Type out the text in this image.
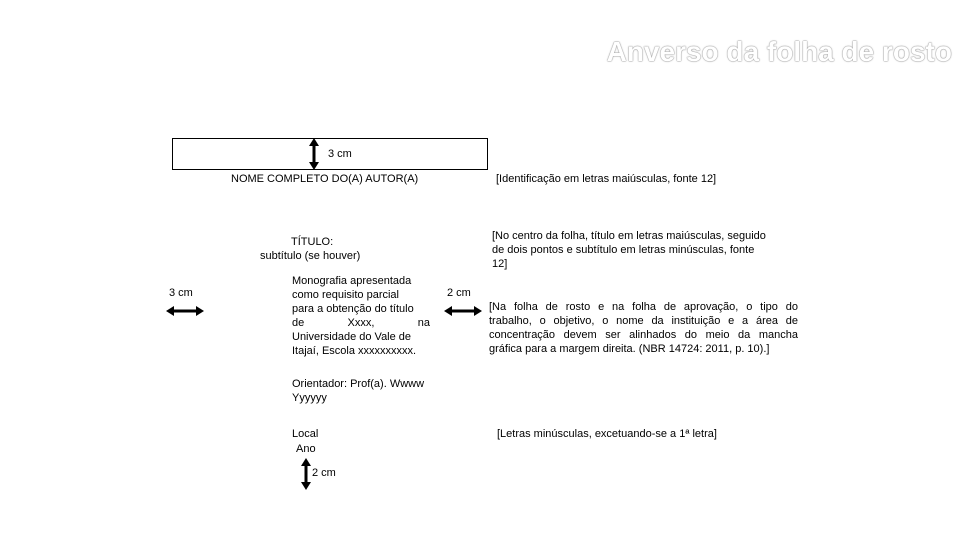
Anverso da folha de rosto
3 cm
NOME COMPLETO DO(A) AUTOR(A)	[Identificação em letras maiúsculas, fonte 12]
TÍTULO:
subtítulo (se houver)
[No centro da folha, título em letras maiúsculas, seguido
de dois pontos e subtítulo em letras minúsculas, fonte
12]
3 cm
Monografia apresentada
como requisito parcial
para a obtenção do título
de Xxxx, na
Universidade do Vale de
Itajaí, Escola xxxxxxxxxx.
2 cm
[Na folha de rosto e na folha de aprovação, o tipo do
trabalho, o objetivo, o nome da instituição e a área de
concentração devem ser alinhados do meio da mancha
gráfica para a margem direita. (NBR 14724: 2011, p. 10).]
Orientador: Prof(a). Wwww
Yyyyyy
Local
Ano
[Letras minúsculas, excetuando-se a 1ª letra]
2 cm
